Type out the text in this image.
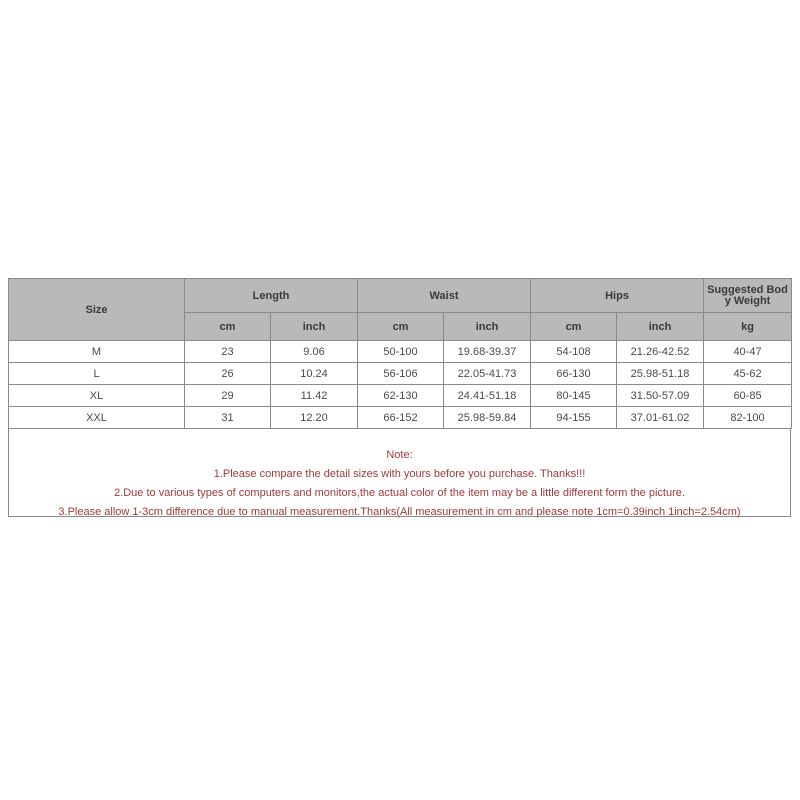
Size	Length		Waist		Hips		Suggested Body Weight
	cm	inch	cm	inch	cm	inch	kg
M	23	9.06	50-100	19.68-39.37	54-108	21.26-42.52	40-47
L	26	10.24	56-106	22.05-41.73	66-130	25.98-51.18	45-62
XL	29	11.42	62-130	24.41-51.18	80-145	31.50-57.09	60-85
XXL	31	12.20	66-152	25.98-59.84	94-155	37.01-61.02	82-100
Note:
1.Please compare the detail sizes with yours before you purchase. Thanks!!!
2.Due to various types of computers and monitors,the actual color of the item may be a little different form the picture.
3.Please allow 1-3cm difference due to manual measurement.Thanks(All measurement in cm and please note 1cm=0.39inch 1inch=2.54cm)
